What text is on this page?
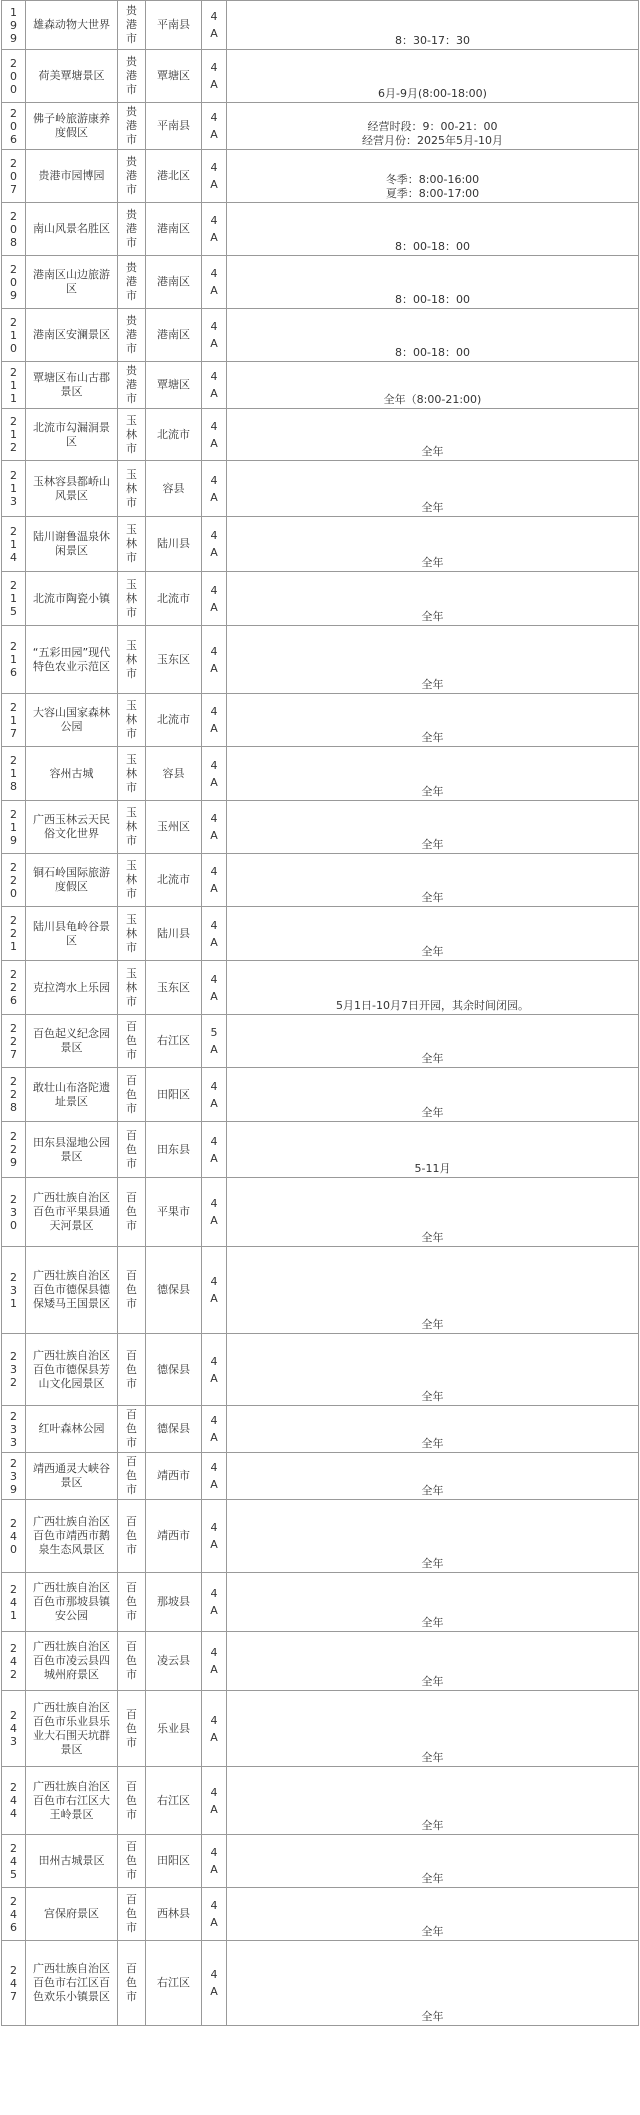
199	雄森动物大世界	贵港市	平南县	4A	8：30-17：30

200	荷美覃塘景区	贵港市	覃塘区	4A	6月-9月(8:00-18:00)

206	佛子岭旅游康养度假区	贵港市	平南县	4A	经营时段：9：00-21：00
经营月份：2025年5月-10月

207	贵港市园博园	贵港市	港北区	4A	冬季：8:00-16:00
夏季：8:00-17:00

208	南山风景名胜区	贵港市	港南区	4A	8：00-18：00

209	港南区山边旅游区	贵港市	港南区	4A	8：00-18：00

210	港南区安澜景区	贵港市	港南区	4A	8：00-18：00

211	覃塘区布山古郡景区	贵港市	覃塘区	4A	全年（8:00-21:00)

212	北流市勾漏洞景区	玉林市	北流市	4A	全年

213	玉林容县都峤山风景区	玉林市	容县	4A	全年

214	陆川谢鲁温泉休闲景区	玉林市	陆川县	4A	全年

215	北流市陶瓷小镇	玉林市	北流市	4A	全年

216	“五彩田园”现代特色农业示范区	玉林市	玉东区	4A	全年

217	大容山国家森林公园	玉林市	北流市	4A	全年

218	容州古城	玉林市	容县	4A	全年

219	广西玉林云天民俗文化世界	玉林市	玉州区	4A	全年

220	铜石岭国际旅游度假区	玉林市	北流市	4A	全年

221	陆川县龟岭谷景区	玉林市	陆川县	4A	全年

226	克拉湾水上乐园	玉林市	玉东区	4A	5月1日-10月7日开园，其余时间闭园。

227	百色起义纪念园景区	百色市	右江区	5A	全年

228	敢壮山布洛陀遗址景区	百色市	田阳区	4A	全年

229	田东县湿地公园景区	百色市	田东县	4A	5-11月

230	广西壮族自治区百色市平果县通天河景区	百色市	平果市	4A	全年

231	广西壮族自治区百色市德保县德保矮马王国景区	百色市	德保县	4A	全年

232	广西壮族自治区百色市德保县芳山文化园景区	百色市	德保县	4A	全年

233	红叶森林公园	百色市	德保县	4A	全年

239	靖西通灵大峡谷景区	百色市	靖西市	4A	全年

240	广西壮族自治区百色市靖西市鹅泉生态风景区	百色市	靖西市	4A	全年

241	广西壮族自治区百色市那坡县镇安公园	百色市	那坡县	4A	全年

242	广西壮族自治区百色市凌云县四城州府景区	百色市	凌云县	4A	全年

243	广西壮族自治区百色市乐业县乐业大石围天坑群景区	百色市	乐业县	4A	全年

244	广西壮族自治区百色市右江区大王岭景区	百色市	右江区	4A	全年

245	田州古城景区	百色市	田阳区	4A	全年

246	宫保府景区	百色市	西林县	4A	全年

247	广西壮族自治区百色市右江区百色欢乐小镇景区	百色市	右江区	4A	全年
